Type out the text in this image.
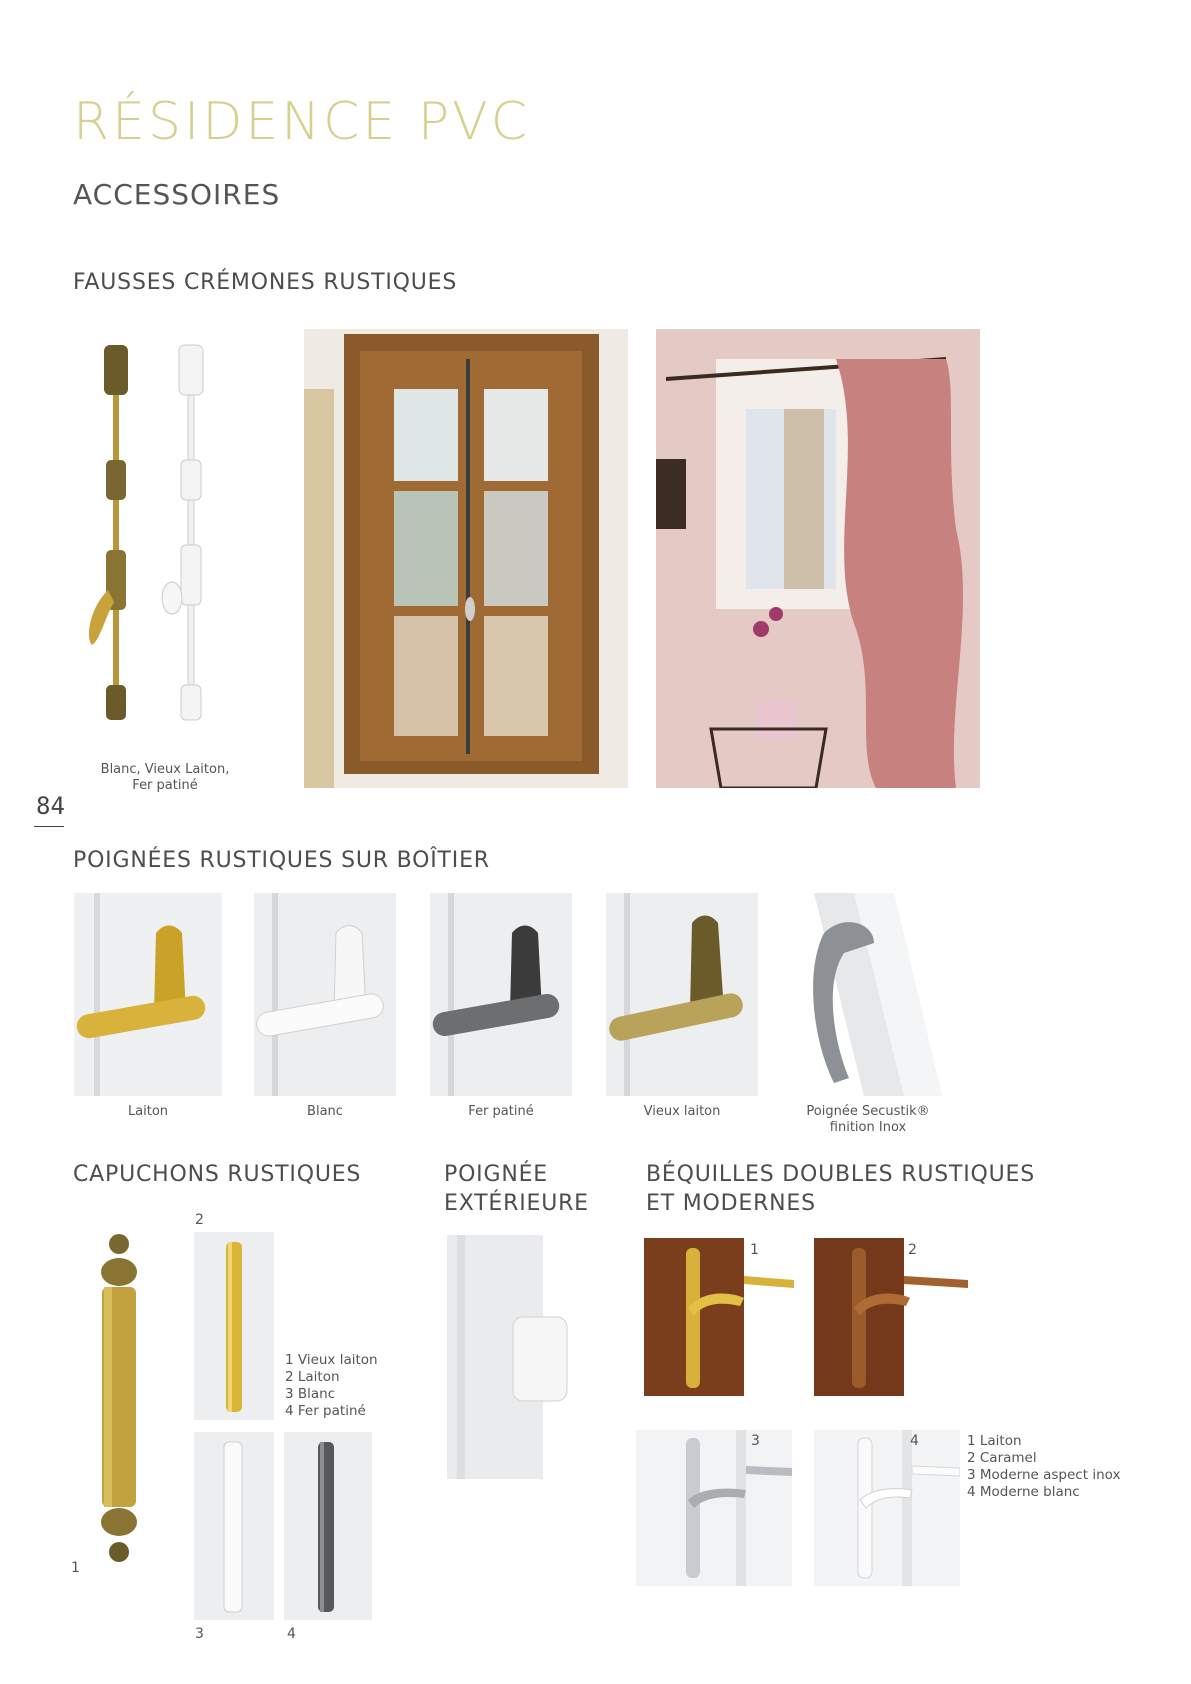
RÉSIDENCE PVC
ACCESSOIRES
84
FAUSSES CRÉMONES RUSTIQUES
Blanc, Vieux Laiton,
Fer patiné
POIGNÉES RUSTIQUES SUR BOÎTIER
Laiton	Blanc	Fer patiné	Vieux laiton	Poignée Secustik®
finition Inox
CAPUCHONS RUSTIQUES
1
2
1 Vieux laiton
2 Laiton
3 Blanc
4 Fer patiné
3	4
POIGNÉE
EXTÉRIEURE
BÉQUILLES DOUBLES RUSTIQUES
ET MODERNES
1	2
3	4	1 Laiton
2 Caramel
3 Moderne aspect inox
4 Moderne blanc
